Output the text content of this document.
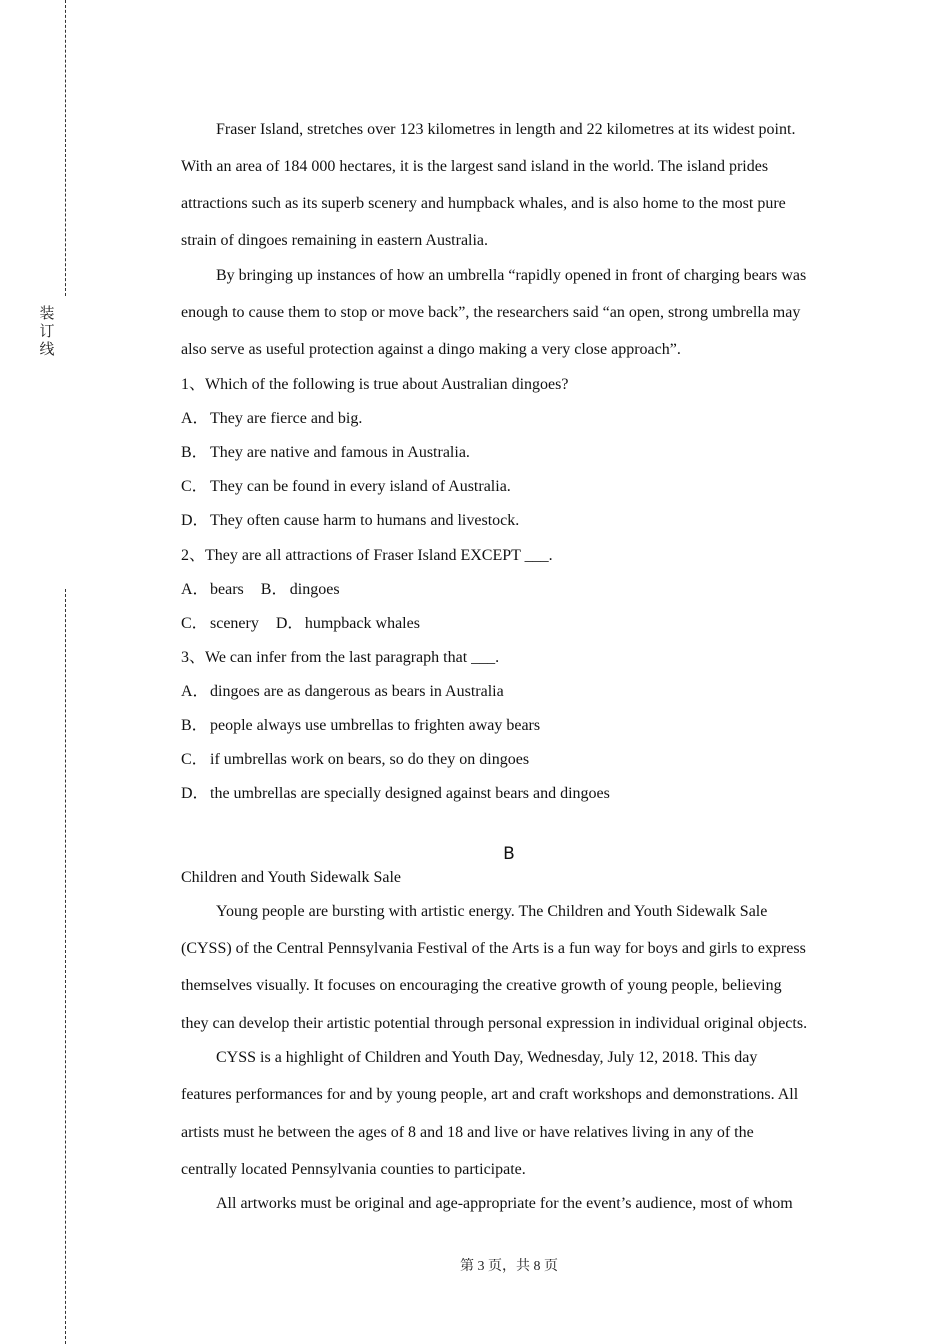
装
订
线
Fraser Island, stretches over 123 kilometres in length and 22 kilometres at its widest point.
With an area of 184 000 hectares, it is the largest sand island in the world. The island prides
attractions such as its superb scenery and humpback whales, and is also home to the most pure
strain of dingoes remaining in eastern Australia.
By bringing up instances of how an umbrella “rapidly opened in front of charging bears was
enough to cause them to stop or move back”, the researchers said “an open, strong umbrella may
also serve as useful protection against a dingo making a very close approach”.
1、Which of the following is true about Australian dingoes?
A．They are fierce and big.
B． They are native and famous in Australia.
C． They can be found in every island of Australia.
D．They often cause harm to humans and livestock.
2、They are all attractions of Fraser Island EXCEPT ___.
A．bears B． dingoes
C． scenery D．humpback whales
3、We can infer from the last paragraph that ___.
A．dingoes are as dangerous as bears in Australia
B． people always use umbrellas to frighten away bears
C． if umbrellas work on bears, so do they on dingoes
D．the umbrellas are specially designed against bears and dingoes
B
Children and Youth Sidewalk Sale
Young people are bursting with artistic energy. The Children and Youth Sidewalk Sale
(CYSS) of the Central Pennsylvania Festival of the Arts is a fun way for boys and girls to express
themselves visually. It focuses on encouraging the creative growth of young people, believing
they can develop their artistic potential through personal expression in individual original objects.
CYSS is a highlight of Children and Youth Day, Wednesday, July 12, 2018. This day
features performances for and by young people, art and craft workshops and demonstrations. All
artists must he between the ages of 8 and 18 and live or have relatives living in any of the
centrally located Pennsylvania counties to participate.
All artworks must be original and age-appropriate for the event’s audience, most of whom
第 3 页，共 8 页
